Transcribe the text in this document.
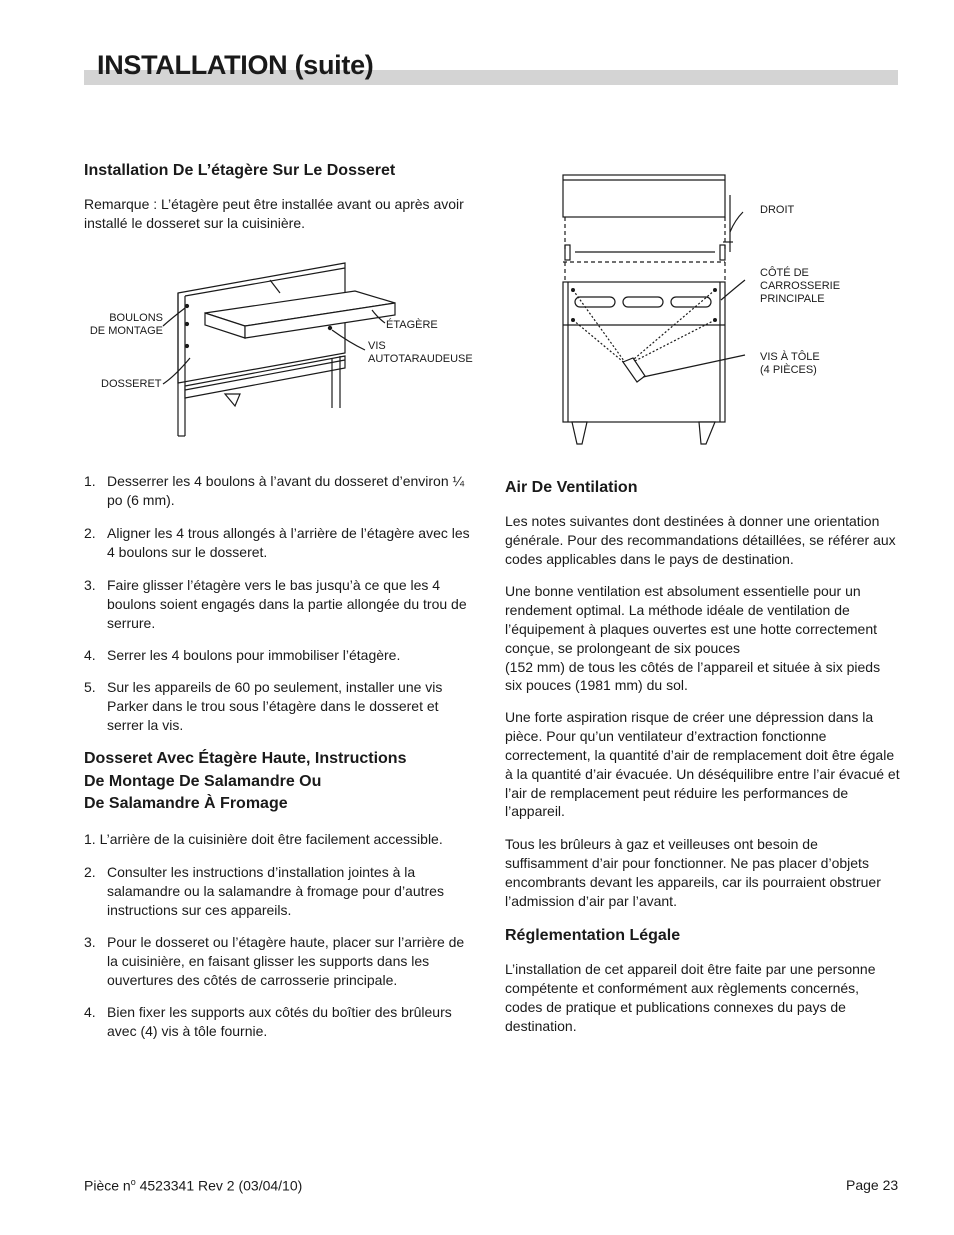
INSTALLATION (suite)
Installation De L’étagère Sur Le Dosseret

Remarque : L’étagère peut être installée avant ou après avoir installé le dosseret sur la cuisinière.

BOULONS
DE MONTAGE
ÉTAGÈRE
VIS
AUTOTARAUDEUSE
DOSSERET
1. Desserrer les 4 boulons à l’avant du dosseret d’environ ¼ po (6 mm).
2. Aligner les 4 trous allongés à l’arrière de l’étagère avec les 4 boulons sur le dosseret.
3. Faire glisser l’étagère vers le bas jusqu’à ce que les 4 boulons soient engagés dans la partie allongée du trou de serrure.
4. Serrer les 4 boulons pour immobiliser l’étagère.
5. Sur les appareils de 60 po seulement, installer une vis Parker dans le trou sous l’étagère dans le dosseret et serrer la vis.
Dosseret Avec Étagère Haute, Instructions
De Montage De Salamandre Ou
De Salamandre À Fromage

1. L’arrière de la cuisinière doit être facilement accessible.

2. Consulter les instructions d’installation jointes à la salamandre ou la salamandre à fromage pour d’autres instructions sur ces appareils.
3. Pour le dosseret ou l’étagère haute, placer sur l’arrière de la cuisinière, en faisant glisser les supports dans les ouvertures des côtés de carrosserie principale.
4. Bien fixer les supports aux côtés du boîtier des brûleurs avec (4) vis à tôle fournie.
DROIT
CÔTÉ DE
CARROSSERIE
PRINCIPALE
VIS À TÔLE
(4 PIÈCES)
Air De Ventilation

Les notes suivantes dont destinées à donner une orientation générale. Pour des recommandations détaillées, se référer aux codes applicables dans le pays de destination.

Une bonne ventilation est absolument essentielle pour un rendement optimal. La méthode idéale de ventilation de l’équipement à plaques ouvertes est une hotte correctement conçue, se prolongeant de six pouces
(152 mm) de tous les côtés de l’appareil et située à six pieds six pouces (1981 mm) du sol.

Une forte aspiration risque de créer une dépression dans la pièce. Pour qu’un ventilateur d’extraction fonctionne correctement, la quantité d’air de remplacement doit être égale à la quantité d’air évacuée. Un déséquilibre entre l’air évacué et l’air de remplacement peut réduire les performances de l’appareil.

Tous les brûleurs à gaz et veilleuses ont besoin de suffisamment d’air pour fonctionner. Ne pas placer d’objets encombrants devant les appareils, car ils pourraient obstruer l’admission d’air par l’avant.

Réglementation Légale

L’installation de cet appareil doit être faite par une personne compétente et conformément aux règlements concernés, codes de pratique et publications connexes du pays de destination.

Pièce $n^o$ 4523341 Rev 2 (03/04/10)	Page 23
